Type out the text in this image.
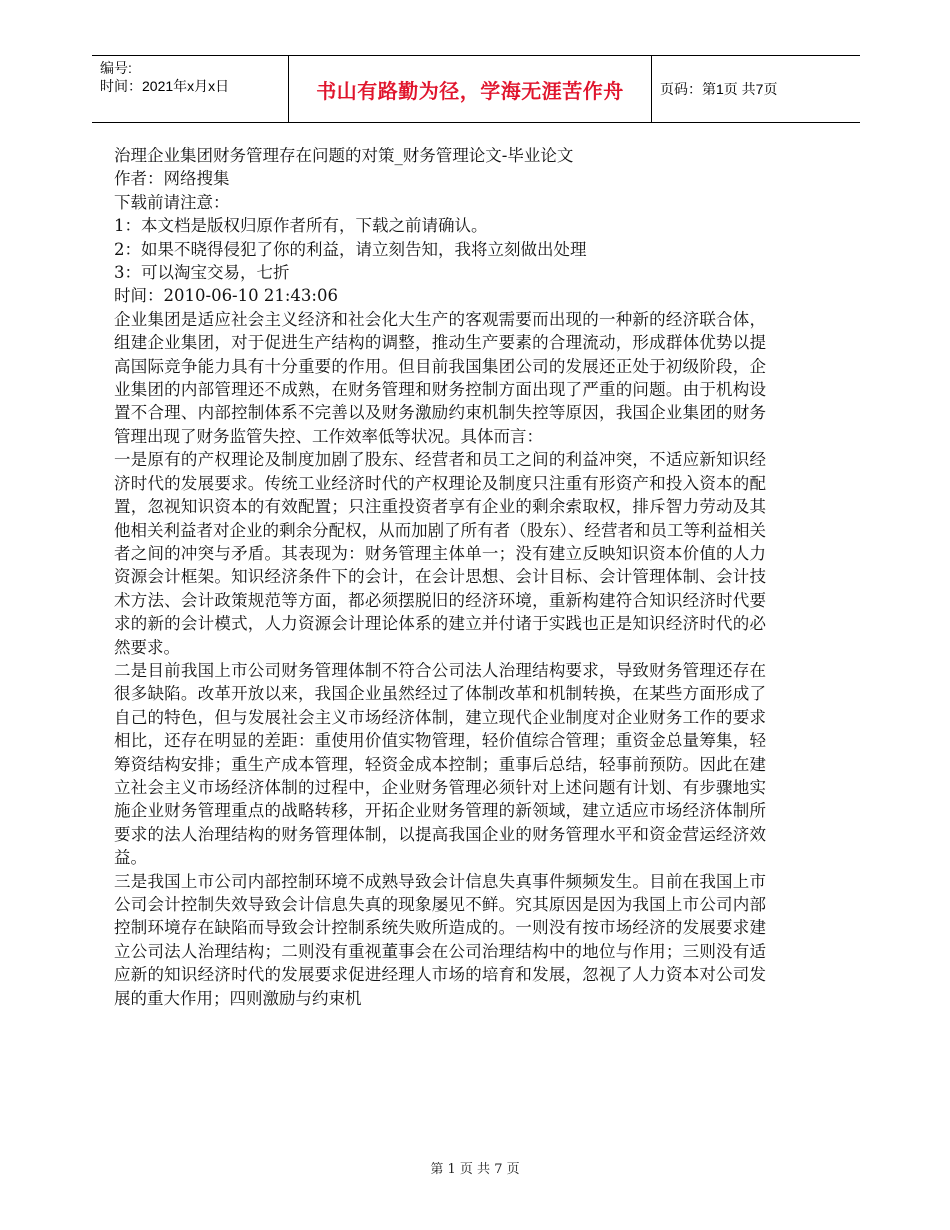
编号:
时间：2021年x月x日	书山有路勤为径，学海无涯苦作舟	页码：第1页 共7页

治理企业集团财务管理存在问题的对策_财务管理论文-毕业论文

作者：网络搜集

下载前请注意：

1：本文档是版权归原作者所有，下载之前请确认。

2：如果不晓得侵犯了你的利益，请立刻告知，我将立刻做出处理

3：可以淘宝交易，七折

时间：2010-06-10 21:43:06

企业集团是适应社会主义经济和社会化大生产的客观需要而出现的一种新的经济联合体，组建企业集团，对于促进生产结构的调整，推动生产要素的合理流动，形成群体优势以提高国际竞争能力具有十分重要的作用。但目前我国集团公司的发展还正处于初级阶段，企业集团的内部管理还不成熟，在财务管理和财务控制方面出现了严重的问题。由于机构设置不合理、内部控制体系不完善以及财务激励约束机制失控等原因，我国企业集团的财务管理出现了财务监管失控、工作效率低等状况。具体而言：

一是原有的产权理论及制度加剧了股东、经营者和员工之间的利益冲突，不适应新知识经济时代的发展要求。传统工业经济时代的产权理论及制度只注重有形资产和投入资本的配置，忽视知识资本的有效配置；只注重投资者享有企业的剩余索取权，排斥智力劳动及其他相关利益者对企业的剩余分配权，从而加剧了所有者（股东）、经营者和员工等利益相关者之间的冲突与矛盾。其表现为：财务管理主体单一；没有建立反映知识资本价值的人力资源会计框架。知识经济条件下的会计，在会计思想、会计目标、会计管理体制、会计技术方法、会计政策规范等方面，都必须摆脱旧的经济环境，重新构建符合知识经济时代要求的新的会计模式，人力资源会计理论体系的建立并付诸于实践也正是知识经济时代的必然要求。

二是目前我国上市公司财务管理体制不符合公司法人治理结构要求，导致财务管理还存在很多缺陷。改革开放以来，我国企业虽然经过了体制改革和机制转换，在某些方面形成了自己的特色，但与发展社会主义市场经济体制，建立现代企业制度对企业财务工作的要求相比，还存在明显的差距：重使用价值实物管理，轻价值综合管理；重资金总量筹集，轻筹资结构安排；重生产成本管理，轻资金成本控制；重事后总结，轻事前预防。因此在建立社会主义市场经济体制的过程中，企业财务管理必须针对上述问题有计划、有步骤地实施企业财务管理重点的战略转移，开拓企业财务管理的新领域，建立适应市场经济体制所要求的法人治理结构的财务管理体制，以提高我国企业的财务管理水平和资金营运经济效益。

三是我国上市公司内部控制环境不成熟导致会计信息失真事件频频发生。目前在我国上市公司会计控制失效导致会计信息失真的现象屡见不鲜。究其原因是因为我国上市公司内部控制环境存在缺陷而导致会计控制系统失败所造成的。一则没有按市场经济的发展要求建立公司法人治理结构；二则没有重视董事会在公司治理结构中的地位与作用；三则没有适应新的知识经济时代的发展要求促进经理人市场的培育和发展，忽视了人力资本对公司发展的重大作用；四则激励与约束机

第 1 页 共 7 页
